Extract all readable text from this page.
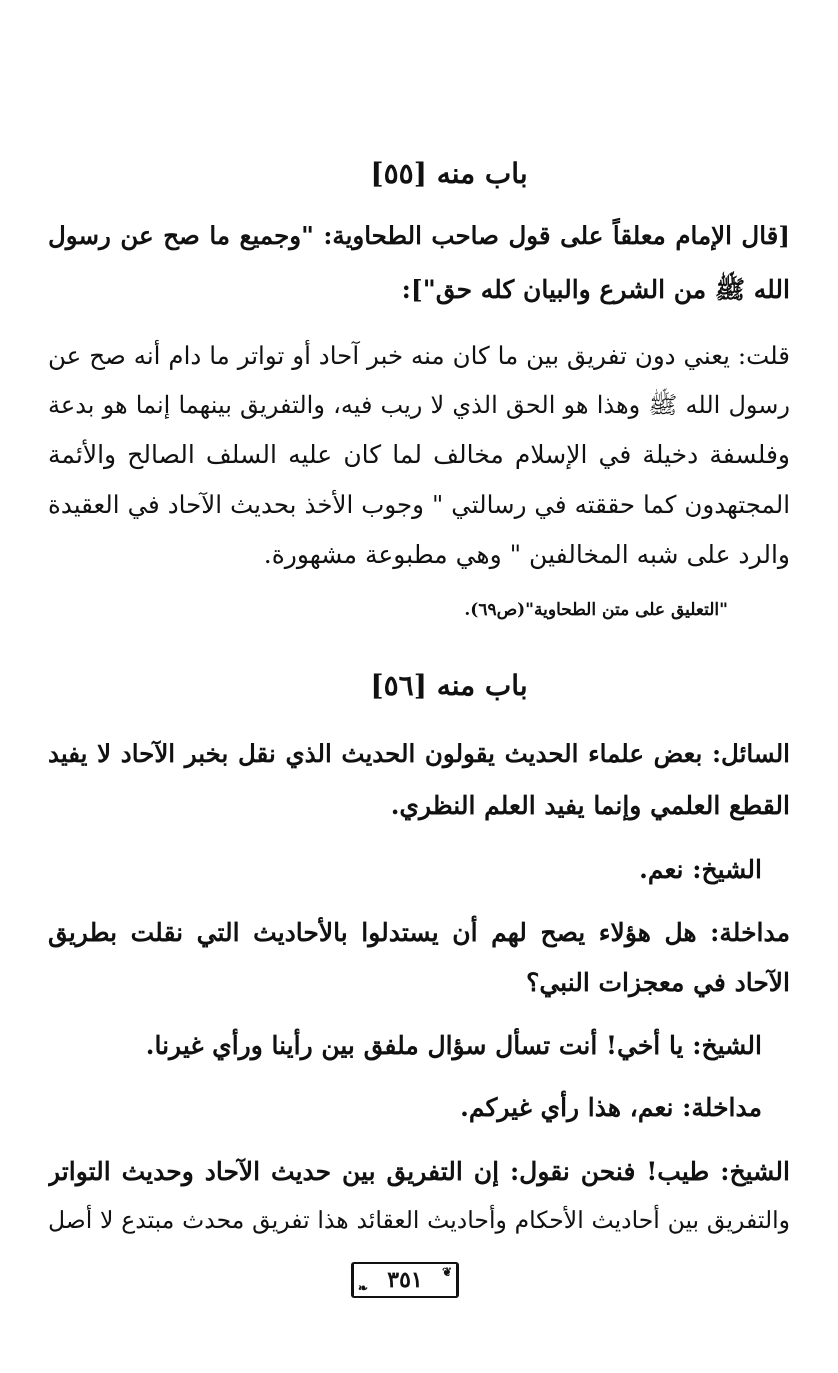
باب منه [٥٥]
[قال الإمام معلقاً على قول صاحب الطحاوية: "وجميع ما صح عن رسول
الله ﷺ من الشرع والبيان كله حق"]:
قلت: يعني دون تفريق بين ما كان منه خبر آحاد أو تواتر ما دام أنه صح عن
رسول الله ﷺ وهذا هو الحق الذي لا ريب فيه، والتفريق بينهما إنما هو بدعة
وفلسفة دخيلة في الإسلام مخالف لما كان عليه السلف الصالح والأئمة
المجتهدون كما حققته في رسالتي " وجوب الأخذ بحديث الآحاد في العقيدة
والرد على شبه المخالفين " وهي مطبوعة مشهورة.
"التعليق على متن الطحاوية"(ص٦٩).
باب منه [٥٦]
السائل: بعض علماء الحديث يقولون الحديث الذي نقل بخبر الآحاد لا يفيد
القطع العلمي وإنما يفيد العلم النظري.
الشيخ: نعم.
مداخلة: هل هؤلاء يصح لهم أن يستدلوا بالأحاديث التي نقلت بطريق
الآحاد في معجزات النبي؟
الشيخ: يا أخي! أنت تسأل سؤال ملفق بين رأينا ورأي غيرنا.
مداخلة: نعم، هذا رأي غيركم.
الشيخ: طيب! فنحن نقول: إن التفريق بين حديث الآحاد وحديث التواتر
والتفريق بين أحاديث الأحكام وأحاديث العقائد هذا تفريق محدث مبتدع لا أصل
❦
٣٥١
❧
